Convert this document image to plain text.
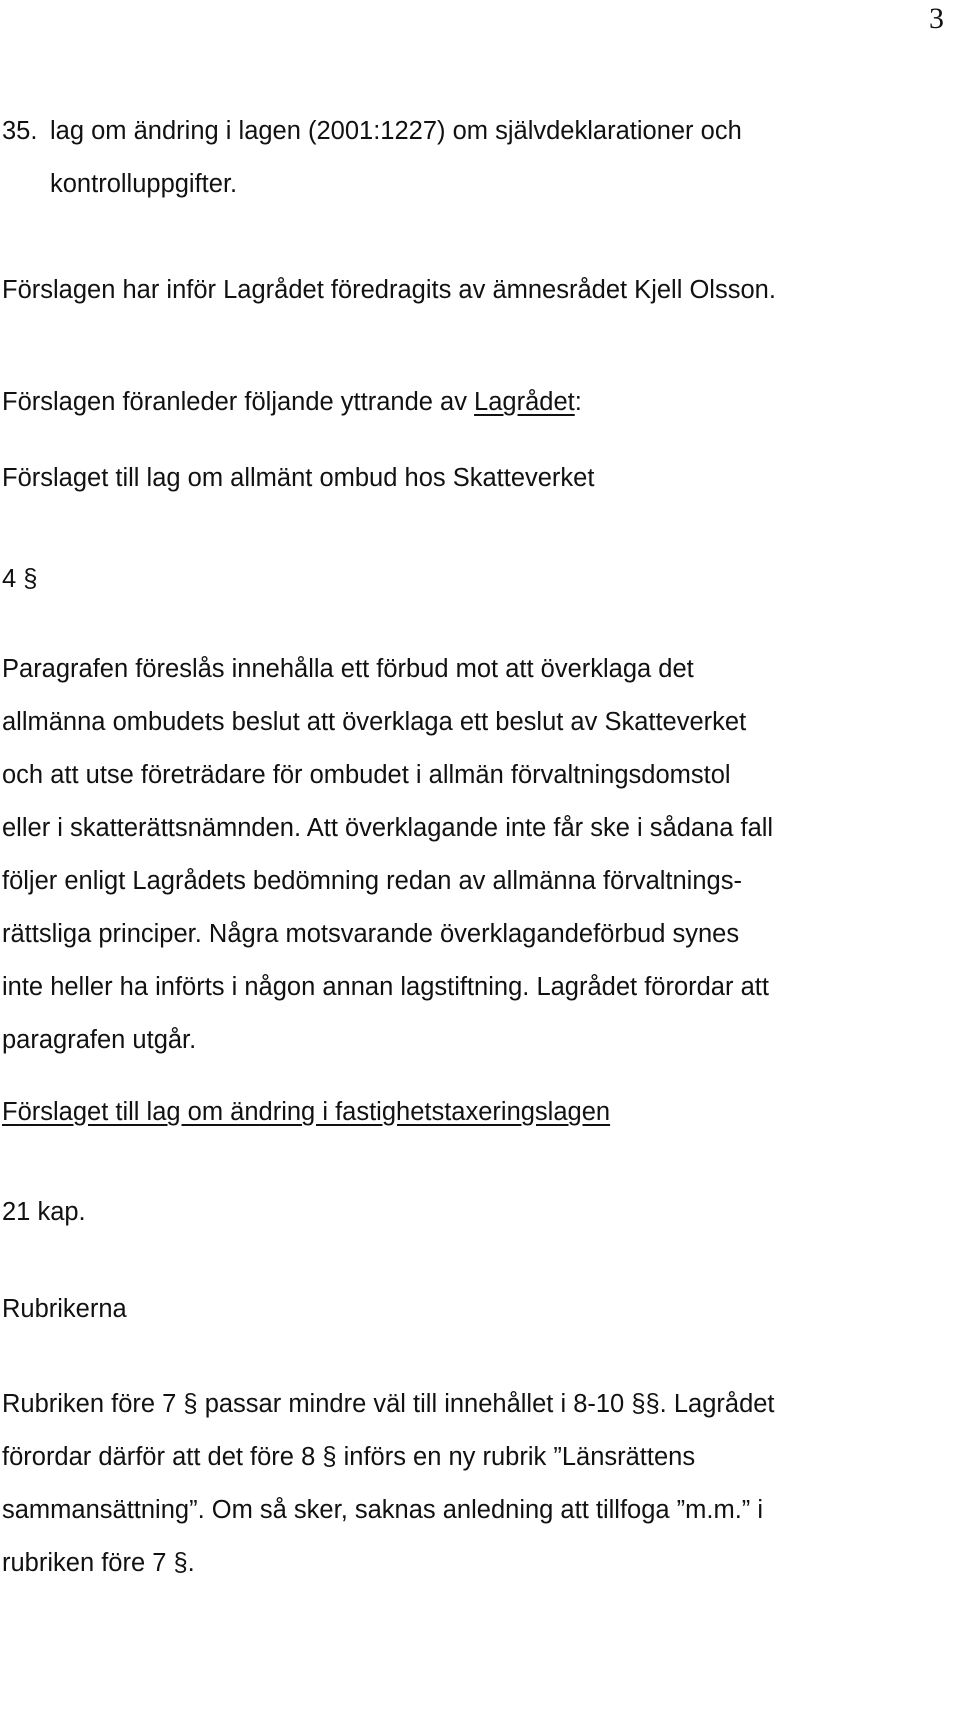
3
35. lag om ändring i lagen (2001:1227) om självdeklarationer och
kontrolluppgifter.

Förslagen har inför Lagrådet föredragits av ämnesrådet Kjell Olsson.

Förslagen föranleder följande yttrande av Lagrådet:

Förslaget till lag om allmänt ombud hos Skatteverket

4 §

Paragrafen föreslås innehålla ett förbud mot att överklaga det
allmänna ombudets beslut att överklaga ett beslut av Skatteverket
och att utse företrädare för ombudet i allmän förvaltningsdomstol
eller i skatterättsnämnden. Att överklagande inte får ske i sådana fall
följer enligt Lagrådets bedömning redan av allmänna förvaltnings-
rättsliga principer. Några motsvarande överklagandeförbud synes
inte heller ha införts i någon annan lagstiftning. Lagrådet förordar att
paragrafen utgår.

Förslaget till lag om ändring i fastighetstaxeringslagen

21 kap.

Rubrikerna

Rubriken före 7 § passar mindre väl till innehållet i 8-10 §§. Lagrådet
förordar därför att det före 8 § införs en ny rubrik ”Länsrättens
sammansättning”. Om så sker, saknas anledning att tillfoga ”m.m.” i
rubriken före 7 §.
